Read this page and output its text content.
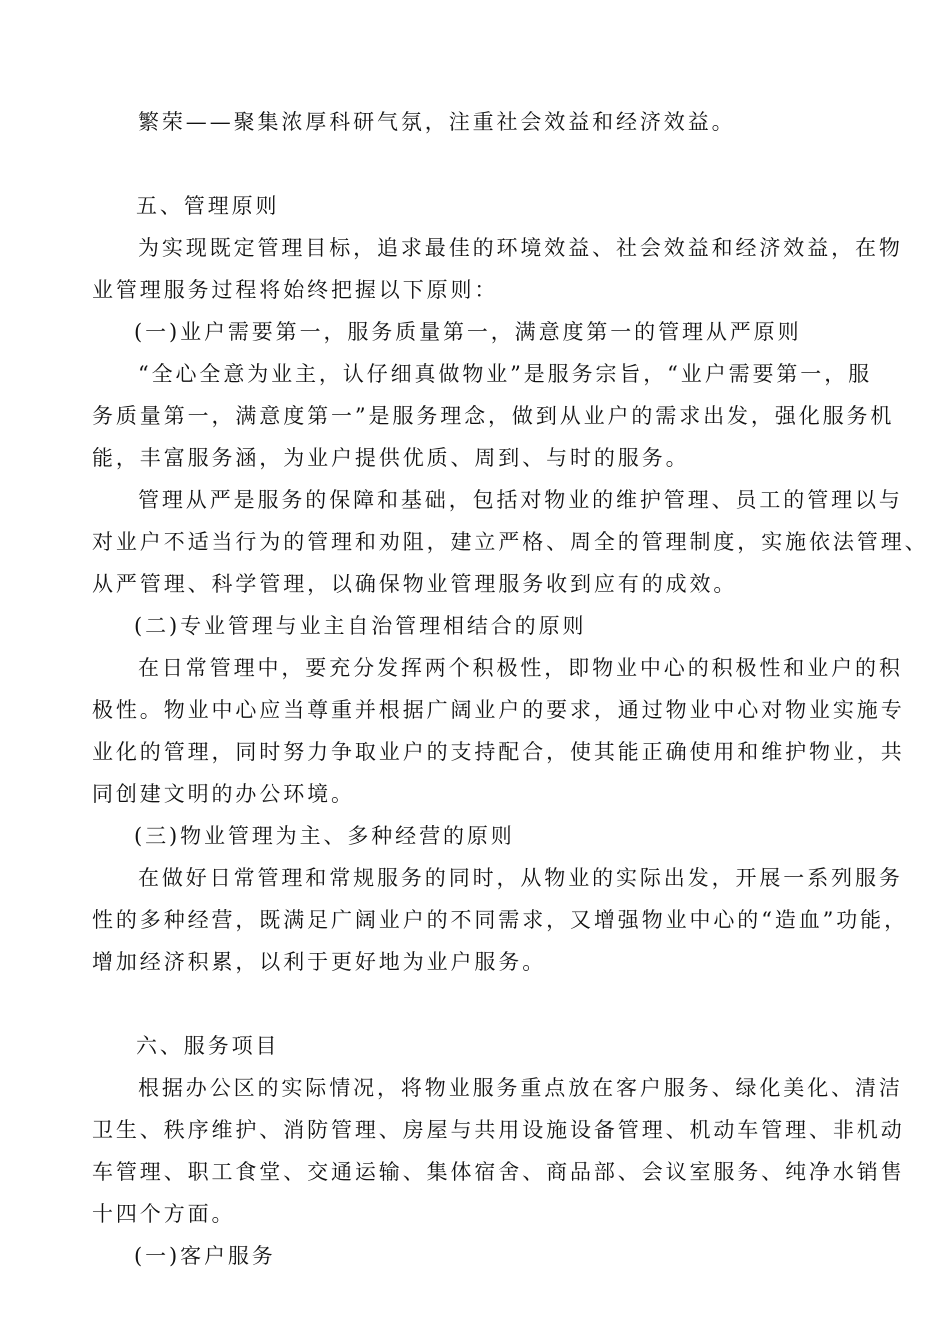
繁荣——聚集浓厚科研气氛，注重社会效益和经济效益。
五、管理原则
为实现既定管理目标，追求最佳的环境效益、社会效益和经济效益，在物
业管理服务过程将始终把握以下原则：
(一)业户需要第一，服务质量第一，满意度第一的管理从严原则
“全心全意为业主，认仔细真做物业”是服务宗旨，“业户需要第一，服
务质量第一，满意度第一”是服务理念，做到从业户的需求出发，强化服务机
能，丰富服务涵，为业户提供优质、周到、与时的服务。
管理从严是服务的保障和基础，包括对物业的维护管理、员工的管理以与
对业户不适当行为的管理和劝阻，建立严格、周全的管理制度，实施依法管理、
从严管理、科学管理，以确保物业管理服务收到应有的成效。
(二)专业管理与业主自治管理相结合的原则
在日常管理中，要充分发挥两个积极性，即物业中心的积极性和业户的积
极性。物业中心应当尊重并根据广阔业户的要求，通过物业中心对物业实施专
业化的管理，同时努力争取业户的支持配合，使其能正确使用和维护物业，共
同创建文明的办公环境。
(三)物业管理为主、多种经营的原则
在做好日常管理和常规服务的同时，从物业的实际出发，开展一系列服务
性的多种经营，既满足广阔业户的不同需求，又增强物业中心的“造血”功能，
增加经济积累，以利于更好地为业户服务。
六、服务项目
根据办公区的实际情况，将物业服务重点放在客户服务、绿化美化、清洁
卫生、秩序维护、消防管理、房屋与共用设施设备管理、机动车管理、非机动
车管理、职工食堂、交通运输、集体宿舍、商品部、会议室服务、纯净水销售
十四个方面。
(一)客户服务
